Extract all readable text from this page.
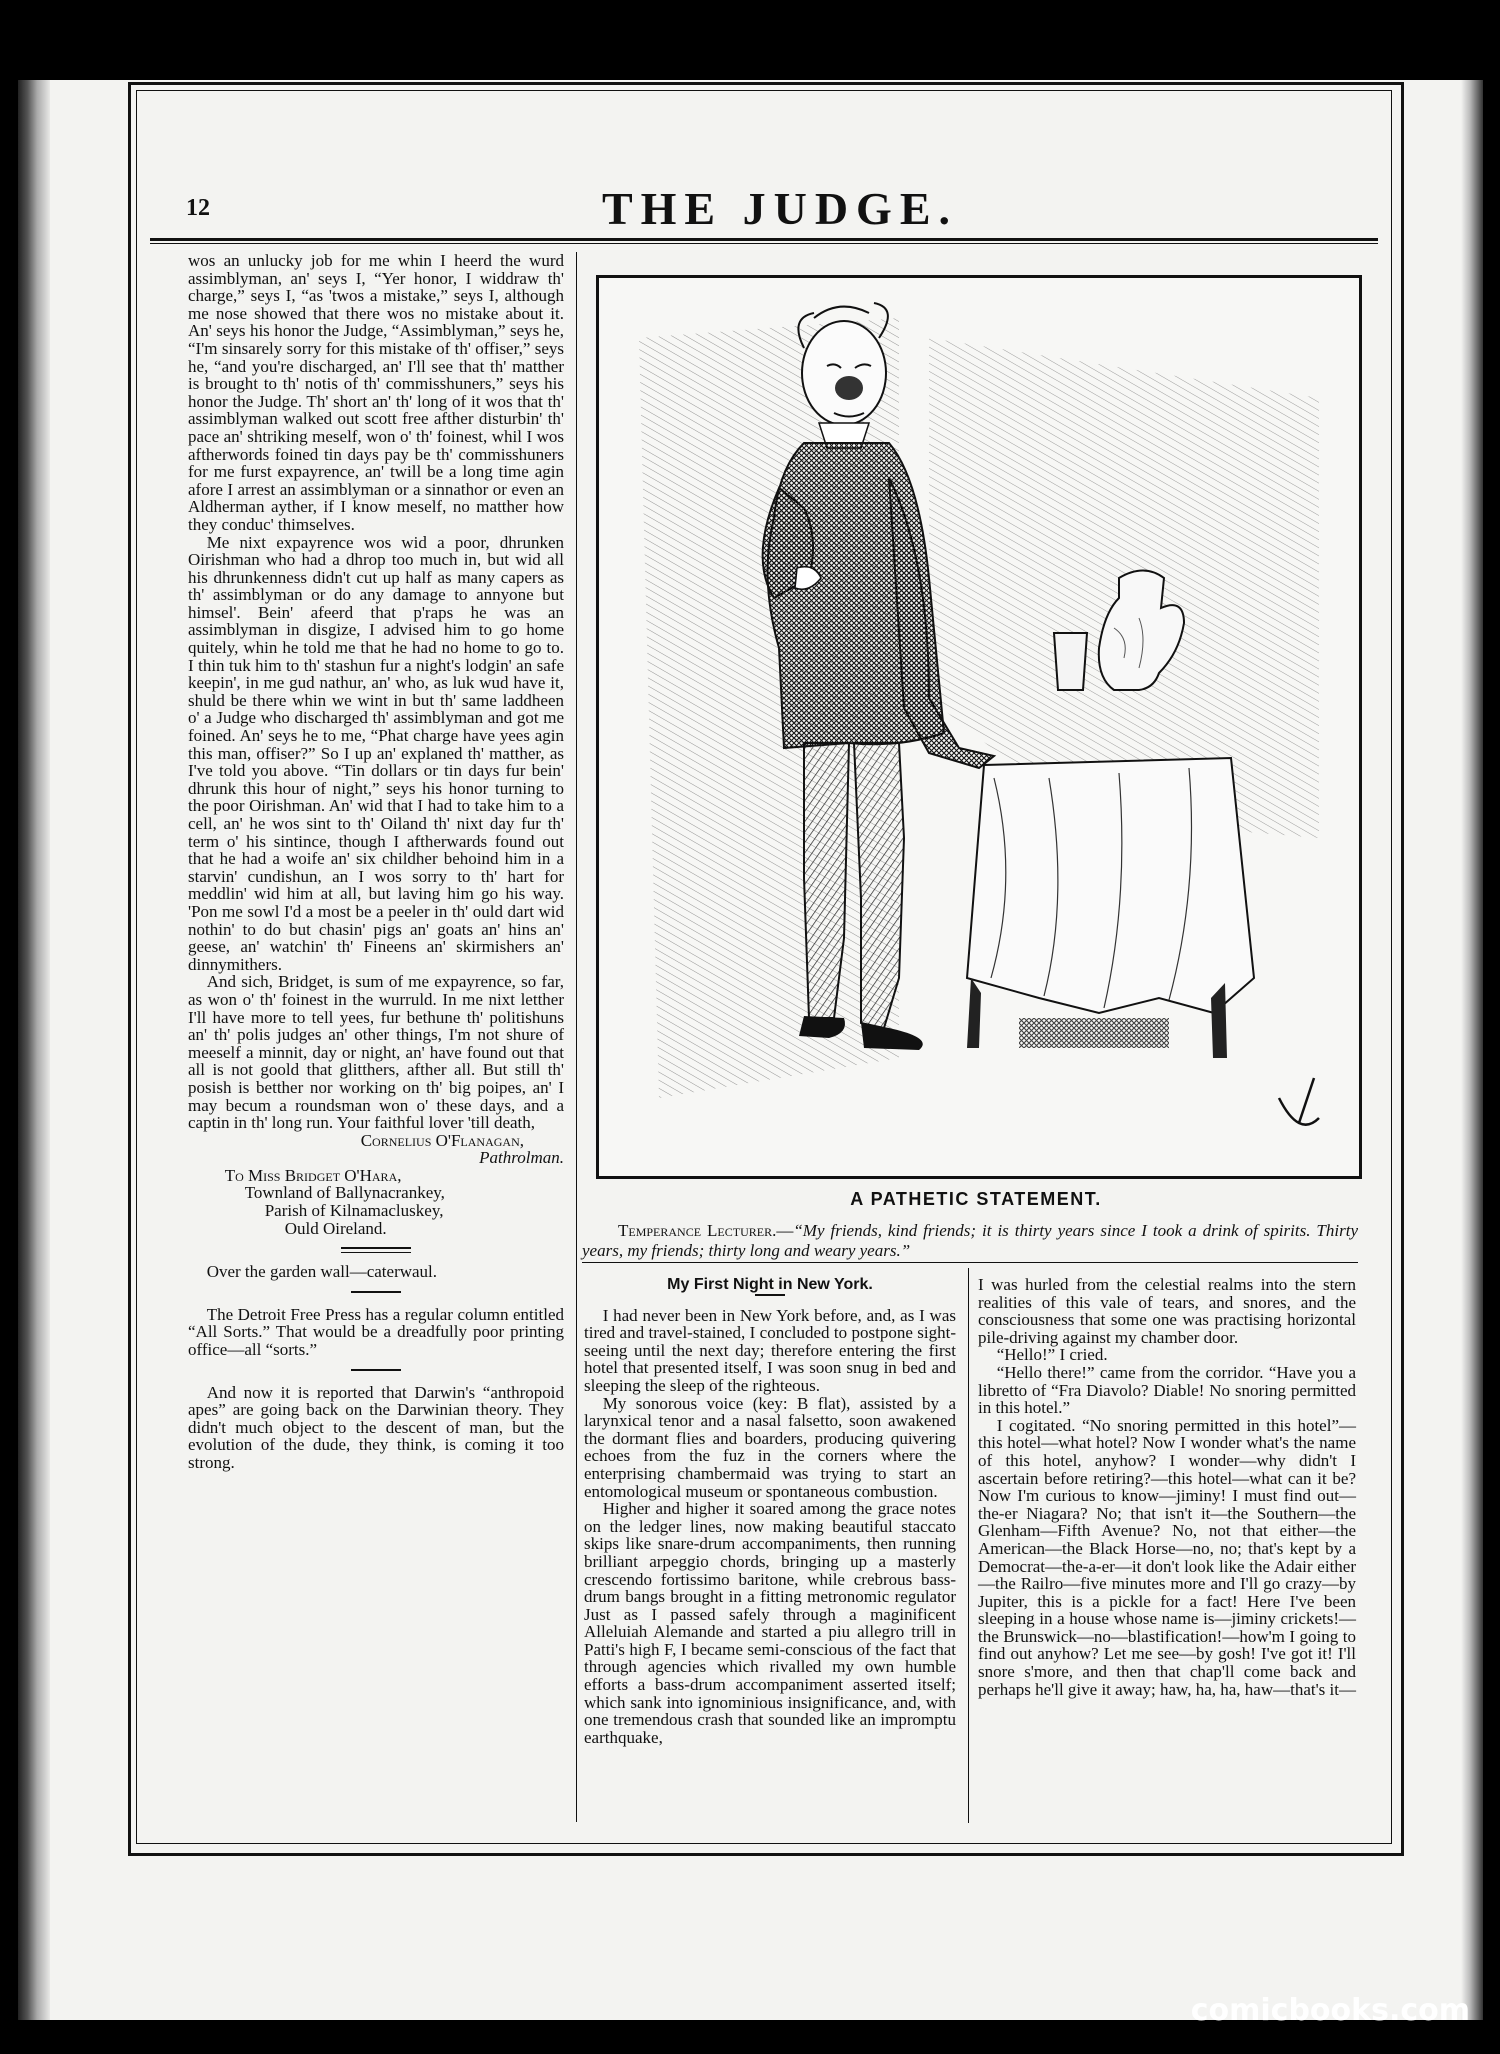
12	THE JUDGE.

wos an unlucky job for me whin I heerd the wurd assimblyman, an' seys I, “Yer honor, I widdraw th' charge,” seys I, “as 'twos a mistake,” seys I, although me nose showed that there wos no mistake about it. An' seys his honor the Judge, “Assimblyman,” seys he, “I'm sinsarely sorry for this mistake of th' offiser,” seys he, “and you're discharged, an' I'll see that th' matther is brought to th' notis of th' commisshuners,” seys his honor the Judge. Th' short an' th' long of it wos that th' assimblyman walked out scott free afther disturbin' th' pace an' shtriking meself, won o' th' foinest, whil I wos aftherwords foined tin days pay be th' commisshuners for me furst expayrence, an' twill be a long time agin afore I arrest an assimblyman or a sinnathor or even an Aldherman ayther, if I know meself, no matther how they conduc' thimselves.

Me nixt expayrence wos wid a poor, dhrunken Oirishman who had a dhrop too much in, but wid all his dhrunkenness didn't cut up half as many capers as th' assimblyman or do any damage to annyone but himsel'. Bein' afeerd that p'raps he was an assimblyman in disgize, I advised him to go home quitely, whin he told me that he had no home to go to. I thin tuk him to th' stashun fur a night's lodgin' an safe keepin', in me gud nathur, an' who, as luk wud have it, shuld be there whin we wint in but th' same laddheen o' a Judge who discharged th' assimblyman and got me foined. An' seys he to me, “Phat charge have yees agin this man, offiser?” So I up an' explaned th' matther, as I've told you above. “Tin dollars or tin days fur bein' dhrunk this hour of night,” seys his honor turning to the poor Oirishman. An' wid that I had to take him to a cell, an' he wos sint to th' Oiland th' nixt day fur th' term o' his sintince, though I aftherwards found out that he had a woife an' six childher behoind him in a starvin' cundishun, an I wos sorry to th' hart for meddlin' wid him at all, but laving him go his way. 'Pon me sowl I'd a most be a peeler in th' ould dart wid nothin' to do but chasin' pigs an' goats an' hins an' geese, an' watchin' th' Fineens an' skirmishers an' dinnymithers.

And sich, Bridget, is sum of me expayrence, so far, as won o' th' foinest in the wurruld. In me nixt letther I'll have more to tell yees, fur bethune th' politishuns an' th' polis judges an' other things, I'm not shure of meeself a minnit, day or night, an' have found out that all is not goold that glitthers, afther all. But still th' posish is betther nor working on th' big poipes, an' I may becum a roundsman won o' these days, and a captin in th' long run. Your faithful lover 'till death,

Cornelius O'Flanagan,

Pathrolman.

To Miss Bridget O'Hara,

Townland of Ballynacrankey,

Parish of Kilnamacluskey,

Ould Oireland.

Over the garden wall—caterwaul.

The Detroit Free Press has a regular column entitled “All Sorts.” That would be a dreadfully poor printing office—all “sorts.”

And now it is reported that Darwin's “anthropoid apes” are going back on the Darwinian theory. They didn't much object to the descent of man, but the evolution of the dude, they think, is coming it too strong.

A PATHETIC STATEMENT.
Temperance Lecturer.—“My friends, kind friends; it is thirty years since I took a drink of spirits. Thirty years, my friends; thirty long and weary years.”

My First Night in New York.

I had never been in New York before, and, as I was tired and travel-stained, I concluded to postpone sight-seeing until the next day; therefore entering the first hotel that presented itself, I was soon snug in bed and sleeping the sleep of the righteous.

My sonorous voice (key: B flat), assisted by a larynxical tenor and a nasal falsetto, soon awakened the dormant flies and boarders, producing quivering echoes from the fuz in the corners where the enterprising chambermaid was trying to start an entomological museum or spontaneous combustion.

Higher and higher it soared among the grace notes on the ledger lines, now making beautiful staccato skips like snare-drum accompaniments, then running brilliant arpeggio chords, bringing up a masterly crescendo fortissimo baritone, while crebrous bass-drum bangs brought in a fitting metronomic regulator Just as I passed safely through a maginificent Alleluiah Alemande and started a piu allegro trill in Patti's high F, I became semi-conscious of the fact that through agencies which rivalled my own humble efforts a bass-drum accompaniment asserted itself; which sank into ignominious insignificance, and, with one tremendous crash that sounded like an impromptu earthquake,

I was hurled from the celestial realms into the stern realities of this vale of tears, and snores, and the consciousness that some one was practising horizontal pile-driving against my chamber door.

“Hello!” I cried.

“Hello there!” came from the corridor. “Have you a libretto of “Fra Diavolo? Diable! No snoring permitted in this hotel.”

I cogitated. “No snoring permitted in this hotel”—this hotel—what hotel? Now I wonder what's the name of this hotel, anyhow? I wonder—why didn't I ascertain before retiring?—this hotel—what can it be? Now I'm curious to know—jiminy! I must find out—the-er Niagara? No; that isn't it—the Southern—the Glenham—Fifth Avenue? No, not that either—the American—the Black Horse—no, no; that's kept by a Democrat—the-a-er—it don't look like the Adair either—the Railro—five minutes more and I'll go crazy—by Jupiter, this is a pickle for a fact! Here I've been sleeping in a house whose name is—jiminy crickets!—the Brunswick—no—blastification!—how'm I going to find out anyhow? Let me see—by gosh! I've got it! I'll snore s'more, and then that chap'll come back and perhaps he'll give it away; haw, ha, ha, haw—that's it—

comicbooks.com
